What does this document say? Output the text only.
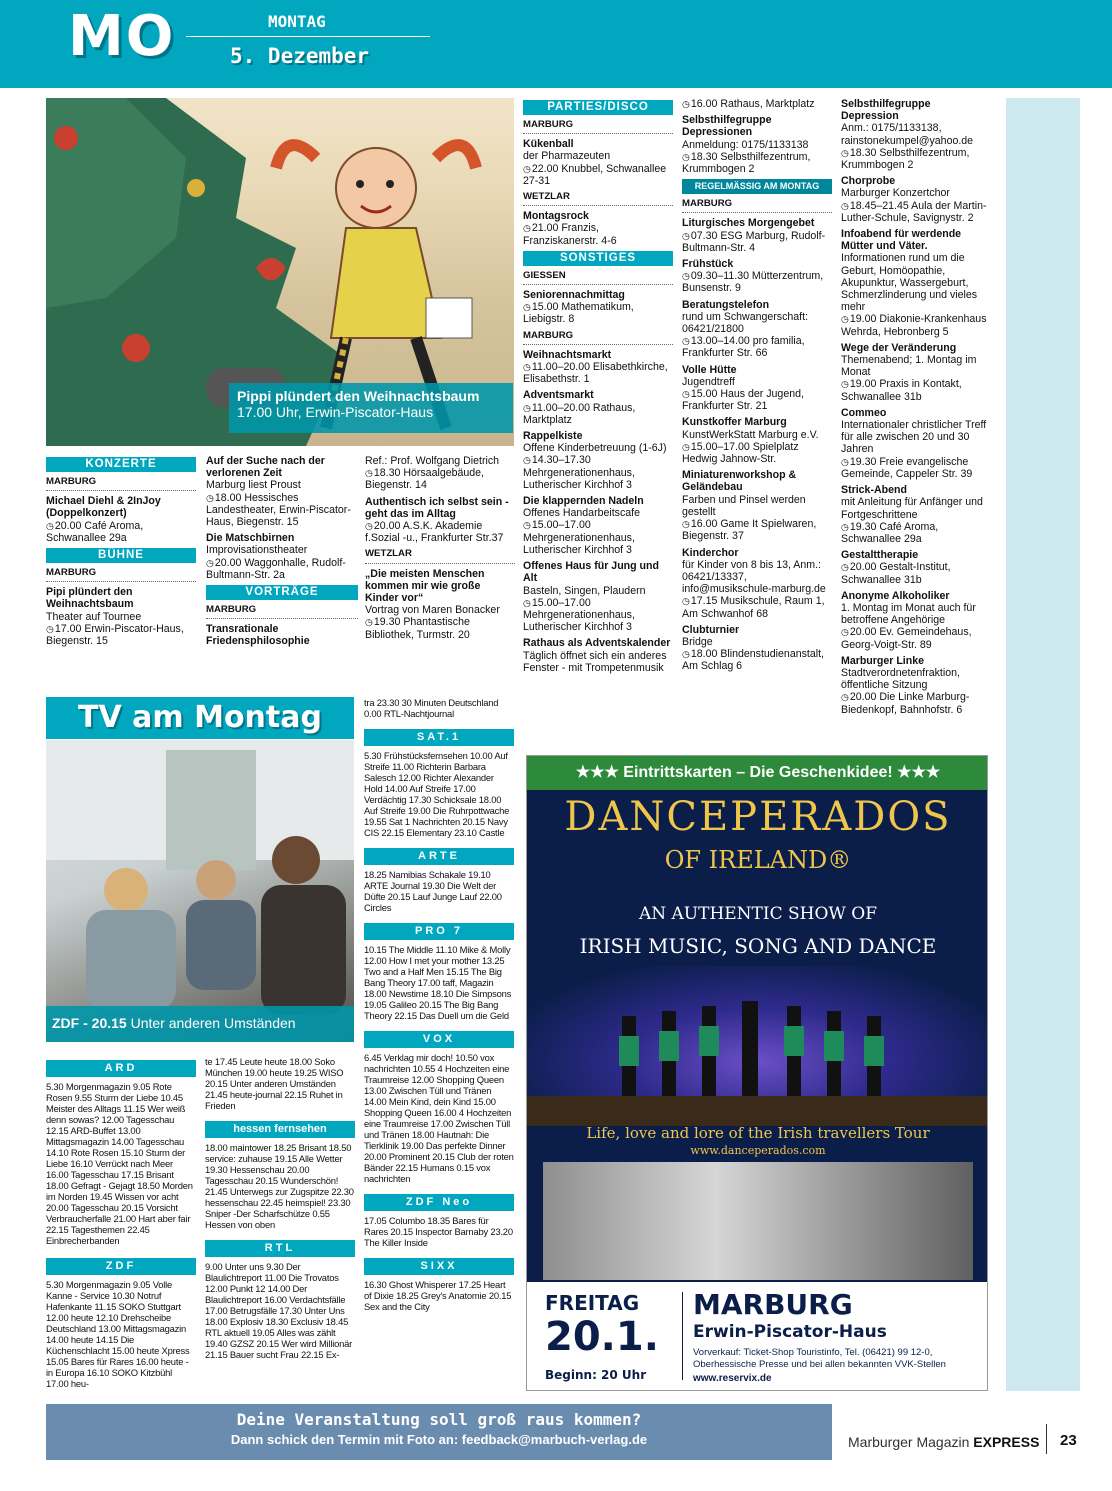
MO	MONTAG
5. Dezember
Pippi plündert den Weihnachtsbaum
17.00 Uhr, Erwin-Piscator-Haus
KONZERTE
MARBURG

Michael Diehl & 2InJoy (Doppelkonzert)

◷ 20.00 Café Aroma, Schwanallee 29a

BÜHNE
MARBURG

Pipi plündert den Weihnachtsbaum

Theater auf Tournee

◷ 17.00 Erwin-Piscator-Haus, Biegenstr. 15

Auf der Suche nach der verlorenen Zeit

Marburg liest Proust

◷ 18.00 Hessisches Landestheater, Erwin-Piscator-Haus, Biegenstr. 15

Die Matschbirnen

Improvisationstheater

◷ 20.00 Waggonhalle, Rudolf-Bultmann-Str. 2a

VORTRÄGE
MARBURG

Transrationale Friedensphilosophie

Ref.: Prof. Wolfgang Dietrich

◷ 18.30 Hörsaalgebäude, Biegenstr. 14

Authentisch ich selbst sein - geht das im Alltag

◷ 20.00 A.S.K. Akademie f.Sozial -u., Frankfurter Str.37

WETZLAR

„Die meisten Menschen kommen mir wie große Kinder vor“

Vortrag von Maren Bonacker

◷ 19.30 Phantastische Bibliothek, Turmstr. 20

PARTIES/DISCO
MARBURG

Kükenball

der Pharmazeuten

◷ 22.00 Knubbel, Schwanallee 27-31

WETZLAR

Montagsrock

◷ 21.00 Franzis, Franziskanerstr. 4-6

SONSTIGES
GIESSEN

Seniorennachmittag

◷ 15.00 Mathematikum, Liebigstr. 8

MARBURG

Weihnachtsmarkt

◷ 11.00–20.00 Elisabethkirche, Elisabethstr. 1

Adventsmarkt

◷ 11.00–20.00 Rathaus, Marktplatz

Rappelkiste

Offene Kinderbetreuung (1-6J)

◷ 14.30–17.30 Mehrgenerationenhaus, Lutherischer Kirchhof 3

Die klappernden Nadeln

Offenes Handarbeitscafe

◷ 15.00–17.00 Mehrgenerationenhaus, Lutherischer Kirchhof 3

Offenes Haus für Jung und Alt

Basteln, Singen, Plaudern

◷ 15.00–17.00 Mehrgenerationenhaus, Lutherischer Kirchhof 3

Rathaus als Adventskalender

Täglich öffnet sich ein anderes Fenster - mit Trompetenmusik

◷ 16.00 Rathaus, Marktplatz

Selbsthilfegruppe Depressionen

Anmeldung: 0175/1133138

◷ 18.30 Selbsthilfezentrum, Krummbogen 2

REGELMÄSSIG AM MONTAG
MARBURG

Liturgisches Morgengebet

◷ 07.30 ESG Marburg, Rudolf-Bultmann-Str. 4

Frühstück

◷ 09.30–11.30 Mütterzentrum, Bunsenstr. 9

Beratungstelefon

rund um Schwangerschaft: 06421/21800

◷ 13.00–14.00 pro familia, Frankfurter Str. 66

Volle Hütte

Jugendtreff

◷ 15.00 Haus der Jugend, Frankfurter Str. 21

Kunstkoffer Marburg

KunstWerkStatt Marburg e.V.

◷ 15.00–17.00 Spielplatz Hedwig Jahnow-Str.

Miniaturenworkshop & Geländebau

Farben und Pinsel werden gestellt

◷ 16.00 Game It Spielwaren, Biegenstr. 37

Kinderchor

für Kinder von 8 bis 13, Anm.: 06421/13337, info@musikschule-marburg.de

◷ 17.15 Musikschule, Raum 1, Am Schwanhof 68

Clubturnier

Bridge

◷ 18.00 Blindenstudienanstalt, Am Schlag 6

Selbsthilfegruppe Depression

Anm.: 0175/1133138, rainstonekumpel@yahoo.de

◷ 18.30 Selbsthilfezentrum, Krummbogen 2

Chorprobe

Marburger Konzertchor

◷ 18.45–21.45 Aula der Martin-Luther-Schule, Savignystr. 2

Infoabend für werdende Mütter und Väter.

Informationen rund um die Geburt, Homöopathie, Akupunktur, Wassergeburt, Schmerzlinderung und vieles mehr

◷ 19.00 Diakonie-Krankenhaus Wehrda, Hebronberg 5

Wege der Veränderung

Themenabend; 1. Montag im Monat

◷ 19.00 Praxis in Kontakt, Schwanallee 31b

Commeo

Internationaler christlicher Treff für alle zwischen 20 und 30 Jahren

◷ 19.30 Freie evangelische Gemeinde, Cappeler Str. 39

Strick-Abend

mit Anleitung für Anfänger und Fortgeschrittene

◷ 19.30 Café Aroma, Schwanallee 29a

Gestalttherapie

◷ 20.00 Gestalt-Institut, Schwanallee 31b

Anonyme Alkoholiker

1. Montag im Monat auch für betroffene Angehörige

◷ 20.00 Ev. Gemeindehaus, Georg-Voigt-Str. 89

Marburger Linke

Stadtverordnetenfraktion, öffentliche Sitzung

◷ 20.00 Die Linke Marburg-Biedenkopf, Bahnhofstr. 6

TV am Montag
ZDF - 20.15 Unter anderen Umständen
ARD

5.30 Morgenmagazin 9.05 Rote Rosen 9.55 Sturm der Liebe 10.45 Meister des Alltags 11.15 Wer weiß denn sowas? 12.00 Tagesschau 12.15 ARD-Buffet 13.00 Mittagsmagazin 14.00 Tagesschau 14.10 Rote Rosen 15.10 Sturm der Liebe 16.10 Verrückt nach Meer 16.00 Tagesschau 17.15 Brisant 18.00 Gefragt - Gejagt 18.50 Morden im Norden 19.45 Wissen vor acht 20.00 Tagesschau 20.15 Vorsicht Verbraucherfalle 21.00 Hart aber fair 22.15 Tagesthemen 22.45 Einbrecherbanden

ZDF

5.30 Morgenmagazin 9.05 Volle Kanne - Service 10.30 Notruf Hafenkante 11.15 SOKO Stuttgart 12.00 heute 12.10 Drehscheibe Deutschland 13.00 Mittagsmagazin 14.00 heute 14.15 Die Küchenschlacht 15.00 heute Xpress 15.05 Bares für Rares 16.00 heute - in Europa 16.10 SOKO Kitzbühl 17.00 heu-

te 17.45 Leute heute 18.00 Soko München 19.00 heute 19.25 WISO 20.15 Unter anderen Umständen 21.45 heute-journal 22.15 Ruhet in Frieden

hessen fernsehen

18.00 maintower 18.25 Brisant 18.50 service: zuhause 19.15 Alle Wetter 19.30 Hessenschau 20.00 Tagesschau 20.15 Wunderschön! 21.45 Unterwegs zur Zugspitze 22.30 hessenschau 22.45 heimspiel! 23.30 Sniper -Der Scharfschütze 0.55 Hessen von oben

RTL

9.00 Unter uns 9.30 Der Blaulichtreport 11.00 Die Trovatos 12.00 Punkt 12 14.00 Der Blaulichtreport 16.00 Verdachtsfälle 17.00 Betrugsfälle 17.30 Unter Uns 18.00 Explosiv 18.30 Exclusiv 18.45 RTL aktuell 19.05 Alles was zählt 19.40 GZSZ 20.15 Wer wird Millionär 21.15 Bauer sucht Frau 22.15 Ex-

tra 23.30 30 Minuten Deutschland 0.00 RTL-Nachtjournal

SAT.1

5.30 Frühstücksfernsehen 10.00 Auf Streife 11.00 Richterin Barbara Salesch 12.00 Richter Alexander Hold 14.00 Auf Streife 17.00 Verdächtig 17.30 Schicksale 18.00 Auf Streife 19.00 Die Ruhrpottwache 19.55 Sat 1 Nachrichten 20.15 Navy CIS 22.15 Elementary 23.10 Castle

ARTE

18.25 Namibias Schakale 19.10 ARTE Journal 19.30 Die Welt der Düfte 20.15 Lauf Junge Lauf 22.00 Circles

PRO 7

10.15 The Middle 11.10 Mike & Molly 12.00 How I met your mother 13.25 Two and a Half Men 15.15 The Big Bang Theory 17.00 taff, Magazin 18.00 Newstime 18.10 Die Simpsons 19.05 Galileo 20.15 The Big Bang Theory 22.15 Das Duell um die Geld

VOX

6.45 Verklag mir doch! 10.50 vox nachrichten 10.55 4 Hochzeiten eine Traumreise 12.00 Shopping Queen 13.00 Zwischen Tüll und Tränen 14.00 Mein Kind, dein Kind 15.00 Shopping Queen 16.00 4 Hochzeiten eine Traumreise 17.00 Zwischen Tüll und Tränen 18.00 Hautnah: Die Tierklinik 19.00 Das perfekte Dinner 20.00 Prominent 20.15 Club der roten Bänder 22.15 Humans 0.15 vox nachrichten

ZDF Neo

17.05 Columbo 18.35 Bares für Rares 20.15 Inspector Barnaby 23.20 The Killer Inside

SIXX

16.30 Ghost Whisperer 17.25 Heart of Dixie 18.25 Grey's Anatomie 20.15 Sex and the City

★★★ Eintrittskarten – Die Geschenkidee! ★★★
DANCEPERADOS
OF IRELAND®
AN AUTHENTIC SHOW OF
IRISH MUSIC, SONG AND DANCE
Life, love and lore of the Irish travellers Tour
www.danceperados.com
FREITAG
20.1.
Beginn: 20 Uhr
MARBURG
Erwin-Piscator-Haus
Vorverkauf: Ticket-Shop Touristinfo, Tel. (06421) 99 12-0,
Oberhessische Presse und bei allen bekannten VVK-Stellen
www.reservix.de
Deine Veranstaltung soll groß raus kommen?
Dann schick den Termin mit Foto an: feedback@marbuch-verlag.de	Marburger Magazin EXPRESS 23
